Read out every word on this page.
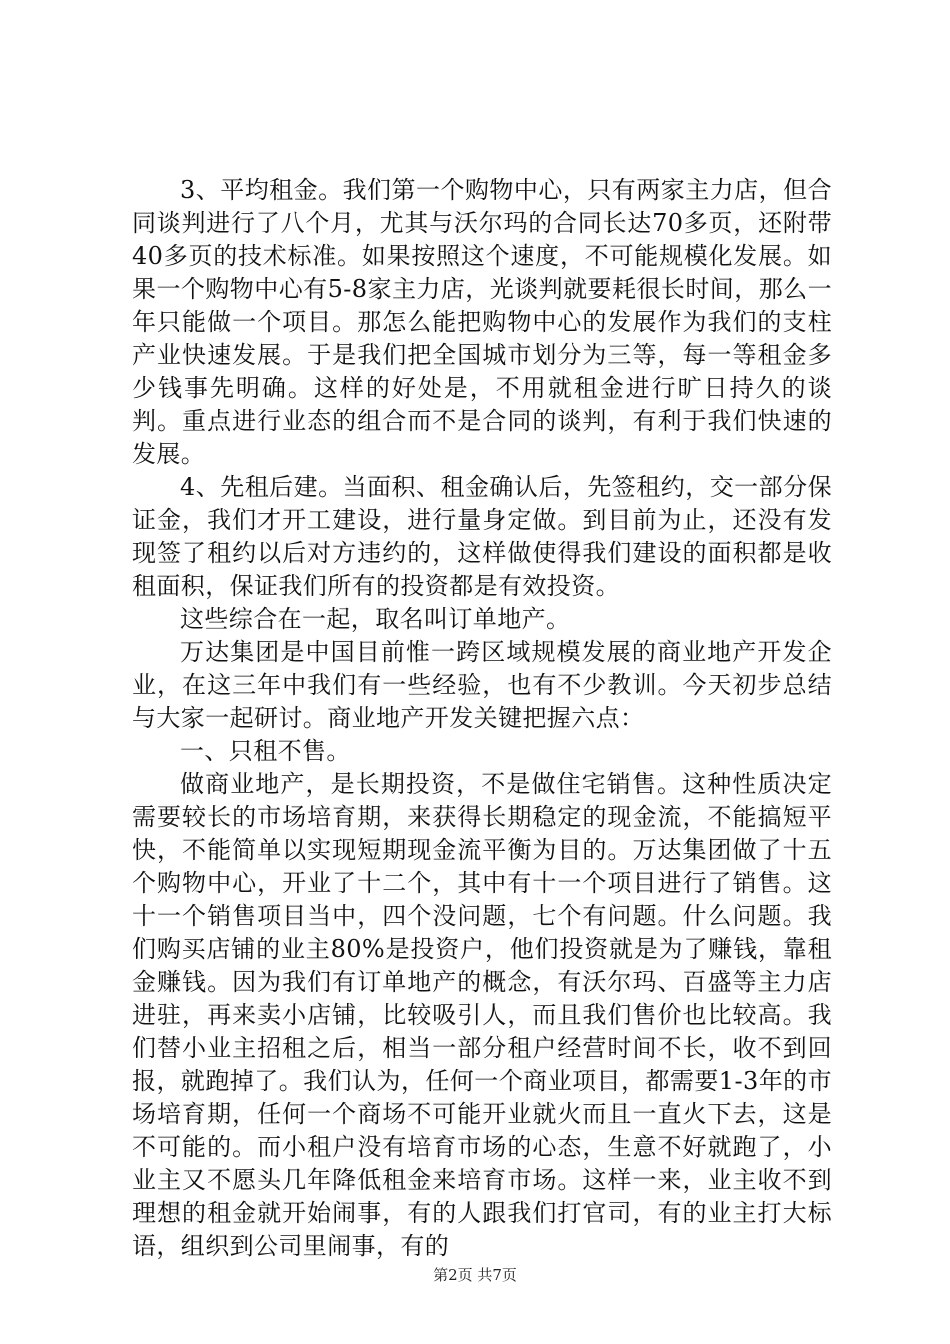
3、平均租金。我们第一个购物中心，只有两家主力店，但合同谈判进行了八个月，尤其与沃尔玛的合同长达70多页，还附带40多页的技术标准。如果按照这个速度，不可能规模化发展。如果一个购物中心有5-8家主力店，光谈判就要耗很长时间，那么一年只能做一个项目。那怎么能把购物中心的发展作为我们的支柱产业快速发展。于是我们把全国城市划分为三等，每一等租金多少钱事先明确。这样的好处是，不用就租金进行旷日持久的谈判。重点进行业态的组合而不是合同的谈判，有利于我们快速的发展。

4、先租后建。当面积、租金确认后，先签租约，交一部分保证金，我们才开工建设，进行量身定做。到目前为止，还没有发现签了租约以后对方违约的，这样做使得我们建设的面积都是收租面积，保证我们所有的投资都是有效投资。

这些综合在一起，取名叫订单地产。

万达集团是中国目前惟一跨区域规模发展的商业地产开发企业，在这三年中我们有一些经验，也有不少教训。今天初步总结与大家一起研讨。商业地产开发关键把握六点：

一、只租不售。

做商业地产，是长期投资，不是做住宅销售。这种性质决定需要较长的市场培育期，来获得长期稳定的现金流，不能搞短平快，不能简单以实现短期现金流平衡为目的。万达集团做了十五个购物中心，开业了十二个，其中有十一个项目进行了销售。这十一个销售项目当中，四个没问题，七个有问题。什么问题。我们购买店铺的业主80%是投资户，他们投资就是为了赚钱，靠租金赚钱。因为我们有订单地产的概念，有沃尔玛、百盛等主力店进驻，再来卖小店铺，比较吸引人，而且我们售价也比较高。我们替小业主招租之后，相当一部分租户经营时间不长，收不到回报，就跑掉了。我们认为，任何一个商业项目，都需要1-3年的市场培育期，任何一个商场不可能开业就火而且一直火下去，这是不可能的。而小租户没有培育市场的心态，生意不好就跑了，小业主又不愿头几年降低租金来培育市场。这样一来，业主收不到理想的租金就开始闹事，有的人跟我们打官司，有的业主打大标语，组织到公司里闹事，有的

第2页 共7页
